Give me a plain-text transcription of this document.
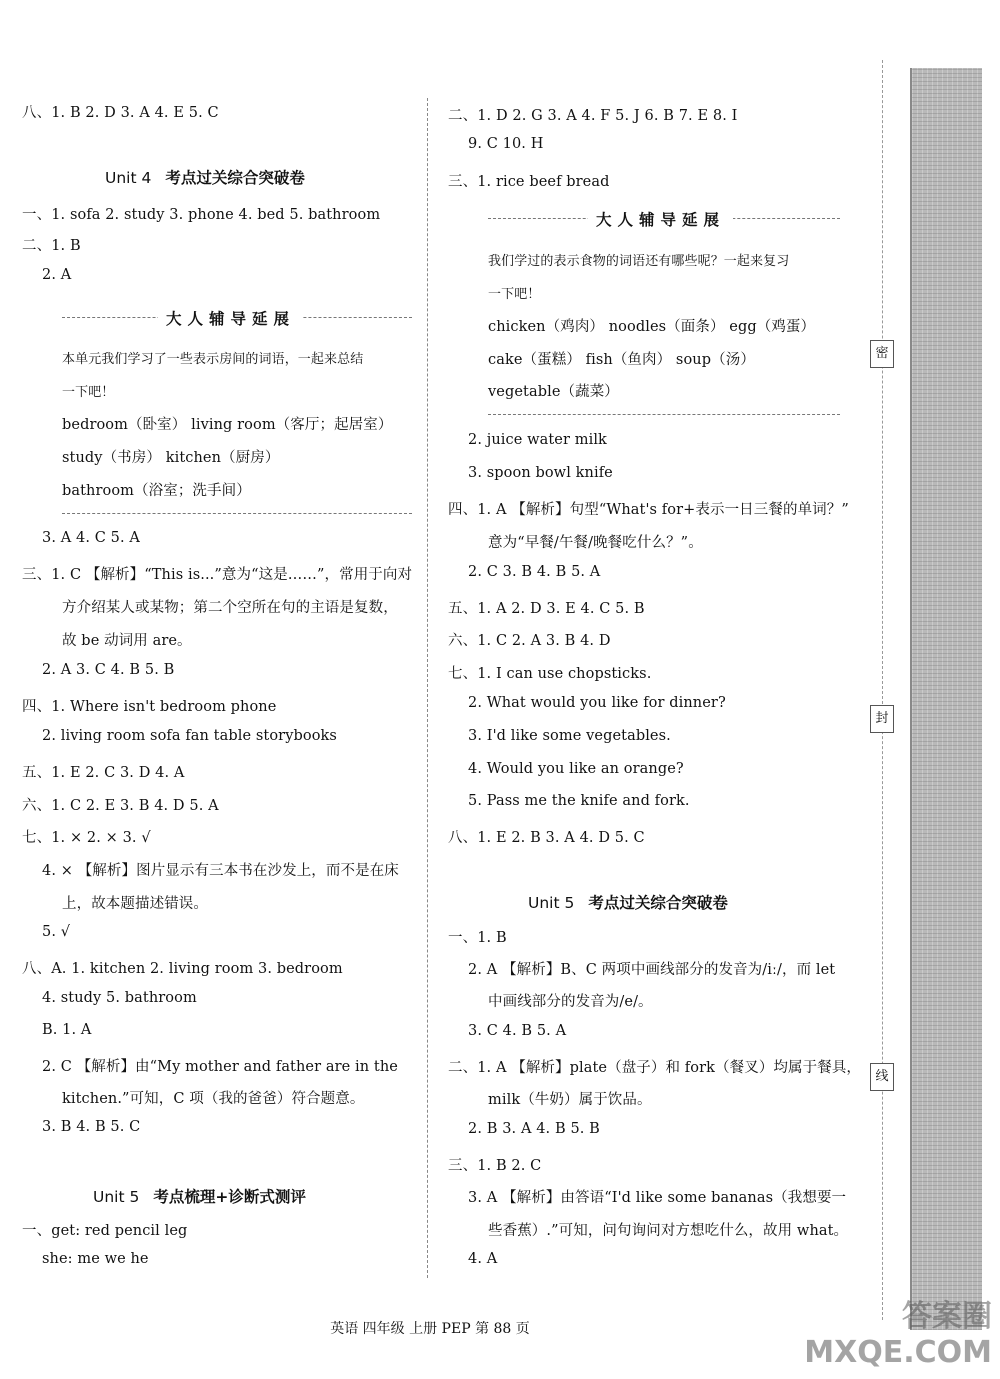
八、1. B 2. D 3. A 4. E 5. C
Unit 4 考点过关综合突破卷
一、1. sofa 2. study 3. phone 4. bed 5. bathroom
二、1. B
2. A
大人辅导延展
本单元我们学习了一些表示房间的词语，一起来总结
一下吧！
bedroom（卧室） living room（客厅；起居室）
study（书房） kitchen（厨房）
bathroom（浴室；洗手间）
3. A 4. C 5. A
三、1. C 【解析】“This is...”意为“这是……”，常用于向对
方介绍某人或某物；第二个空所在句的主语是复数，
故 be 动词用 are。
2. A 3. C 4. B 5. B
四、1. Where isn't bedroom phone
2. living room sofa fan table storybooks
五、1. E 2. C 3. D 4. A
六、1. C 2. E 3. B 4. D 5. A
七、1. × 2. × 3. √
4. × 【解析】图片显示有三本书在沙发上，而不是在床
上，故本题描述错误。
5. √
八、A. 1. kitchen 2. living room 3. bedroom
4. study 5. bathroom
B. 1. A
2. C 【解析】由“My mother and father are in the
kitchen.”可知，C 项（我的爸爸）符合题意。
3. B 4. B 5. C
Unit 5 考点梳理+诊断式测评
一、get: red pencil leg
she: me we he
二、1. D 2. G 3. A 4. F 5. J 6. B 7. E 8. I
9. C 10. H
三、1. rice beef bread
大人辅导延展
我们学过的表示食物的词语还有哪些呢？一起来复习
一下吧！
chicken（鸡肉） noodles（面条） egg（鸡蛋）
cake（蛋糕） fish（鱼肉） soup（汤）
vegetable（蔬菜）
2. juice water milk
3. spoon bowl knife
四、1. A 【解析】句型“What's for+表示一日三餐的单词？”
意为“早餐/午餐/晚餐吃什么？”。
2. C 3. B 4. B 5. A
五、1. A 2. D 3. E 4. C 5. B
六、1. C 2. A 3. B 4. D
七、1. I can use chopsticks.
2. What would you like for dinner?
3. I'd like some vegetables.
4. Would you like an orange?
5. Pass me the knife and fork.
八、1. E 2. B 3. A 4. D 5. C
Unit 5 考点过关综合突破卷
一、1. B
2. A 【解析】B、C 两项中画线部分的发音为/iː/，而 let
中画线部分的发音为/e/。
3. C 4. B 5. A
二、1. A 【解析】plate（盘子）和 fork（餐叉）均属于餐具，
milk（牛奶）属于饮品。
2. B 3. A 4. B 5. B
三、1. B 2. C
3. A 【解析】由答语“I'd like some bananas（我想要一
些香蕉）.”可知，问句询问对方想吃什么，故用 what。
4. A
英语 四年级 上册 PEP 第 88 页
密
封
线
答案圈
MXQE.COM
